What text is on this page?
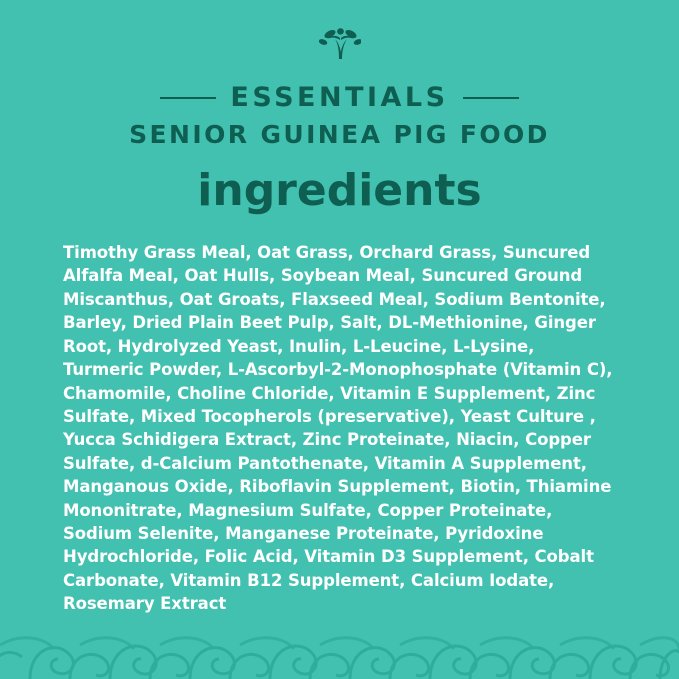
ESSENTIALS
SENIOR GUINEA PIG FOOD
ingredients
Timothy Grass Meal, Oat Grass, Orchard Grass, Suncured Alfalfa Meal, Oat Hulls, Soybean Meal, Suncured Ground Miscanthus, Oat Groats, Flaxseed Meal, Sodium Bentonite, Barley, Dried Plain Beet Pulp, Salt, DL-Methionine, Ginger Root, Hydrolyzed Yeast, Inulin, L-Leucine, L-Lysine, Turmeric Powder, L-Ascorbyl-2-Monophosphate (Vitamin C), Chamomile, Choline Chloride, Vitamin E Supplement, Zinc Sulfate, Mixed Tocopherols (preservative), Yeast Culture , Yucca Schidigera Extract, Zinc Proteinate, Niacin, Copper Sulfate, d-Calcium Pantothenate, Vitamin A Supplement, Manganous Oxide, Riboflavin Supplement, Biotin, Thiamine Mononitrate, Magnesium Sulfate, Copper Proteinate, Sodium Selenite, Manganese Proteinate, Pyridoxine Hydrochloride, Folic Acid, Vitamin D3 Supplement, Cobalt Carbonate, Vitamin B12 Supplement, Calcium Iodate, Rosemary Extract
